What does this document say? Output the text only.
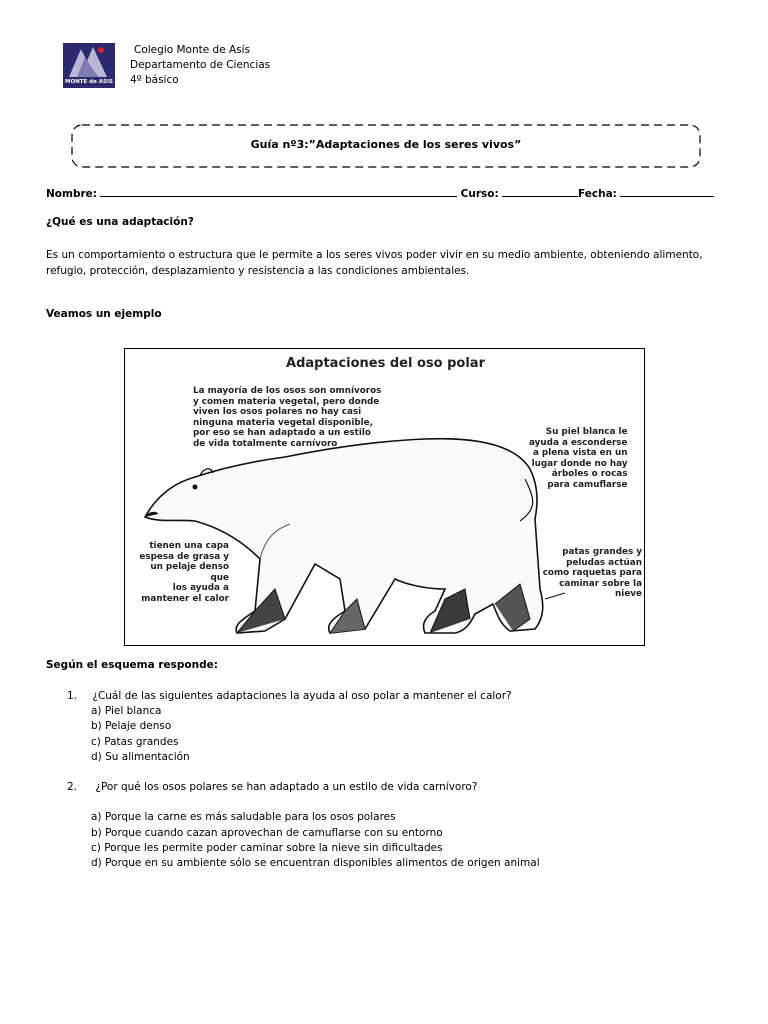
MONTE de ASIS
Colegio Monte de Asís
Departamento de Ciencias
4º básico
Guía nº3:”Adaptaciones de los seres vivos”
Nombre:	Curso:	Fecha:
¿Qué es una adaptación?
Es un comportamiento o estructura que le permite a los seres vivos poder vivir en su medio ambiente, obteniendo alimento, refugio, protección, desplazamiento y resistencia a las condiciones ambientales.
Veamos un ejemplo
Adaptaciones del oso polar
La mayoría de los osos son omnívoros
y comen materia vegetal, pero donde
viven los osos polares no hay casi
ninguna materia vegetal disponible,
por eso se han adaptado a un estilo
de vida totalmente carnívoro
Su piel blanca le
ayuda a esconderse
a plena vista en un
lugar donde no hay
árboles o rocas
para camuflarse
tienen una capa
espesa de grasa y
un pelaje denso que
los ayuda a
mantener el calor
patas grandes y
peludas actúan
como raquetas para
caminar sobre la
nieve
Según el esquema responde:
1. ¿Cuál de las siguientes adaptaciones la ayuda al oso polar a mantener el calor?
a) Piel blanca
b) Pelaje denso
c) Patas grandes
d) Su alimentación
2. ¿Por qué los osos polares se han adaptado a un estilo de vida carnívoro?
a) Porque la carne es más saludable para los osos polares
b) Porque cuando cazan aprovechan de camuflarse con su entorno
c) Porque les permite poder caminar sobre la nieve sin dificultades
d) Porque en su ambiente sólo se encuentran disponibles alimentos de origen animal
